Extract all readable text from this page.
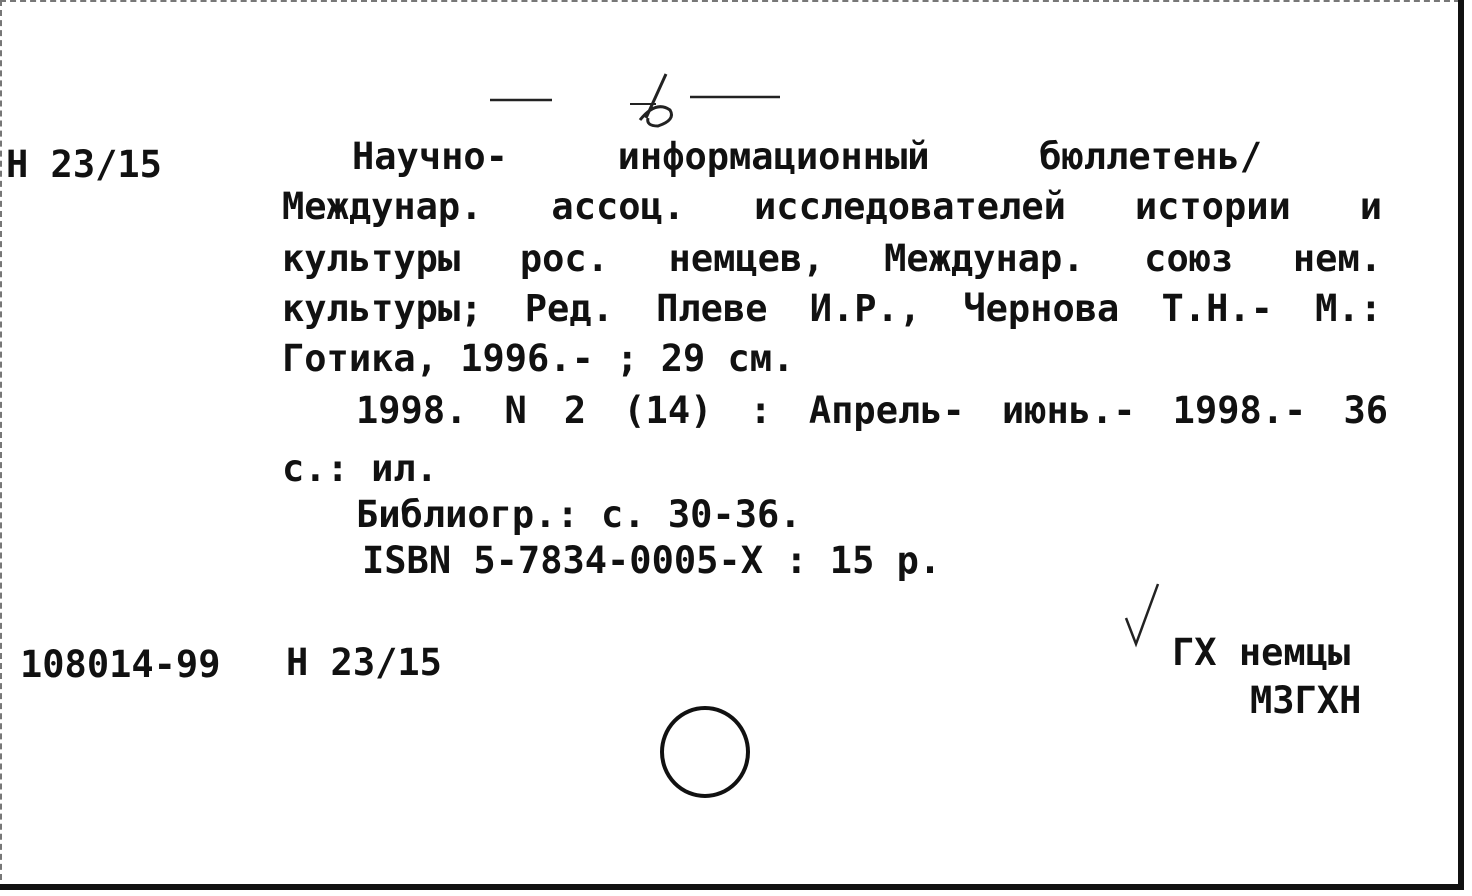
Н 23/15	Научно- информационный бюллетень/
Междунар. ассоц. исследователей истории и
культуры рос. немцев, Междунар. союз нем.
культуры; Ред. Плеве И.Р., Чернова Т.Н.- М.:
Готика, 1996.- ; 29 см.
1998. N 2 (14) : Апрель- июнь.- 1998.- 36
с.: ил.
Библиогр.: с. 30-36.
ISBN 5-7834-0005-X : 15 р.
ГХ немцы
МЗГХН
108014-99 Н 23/15
